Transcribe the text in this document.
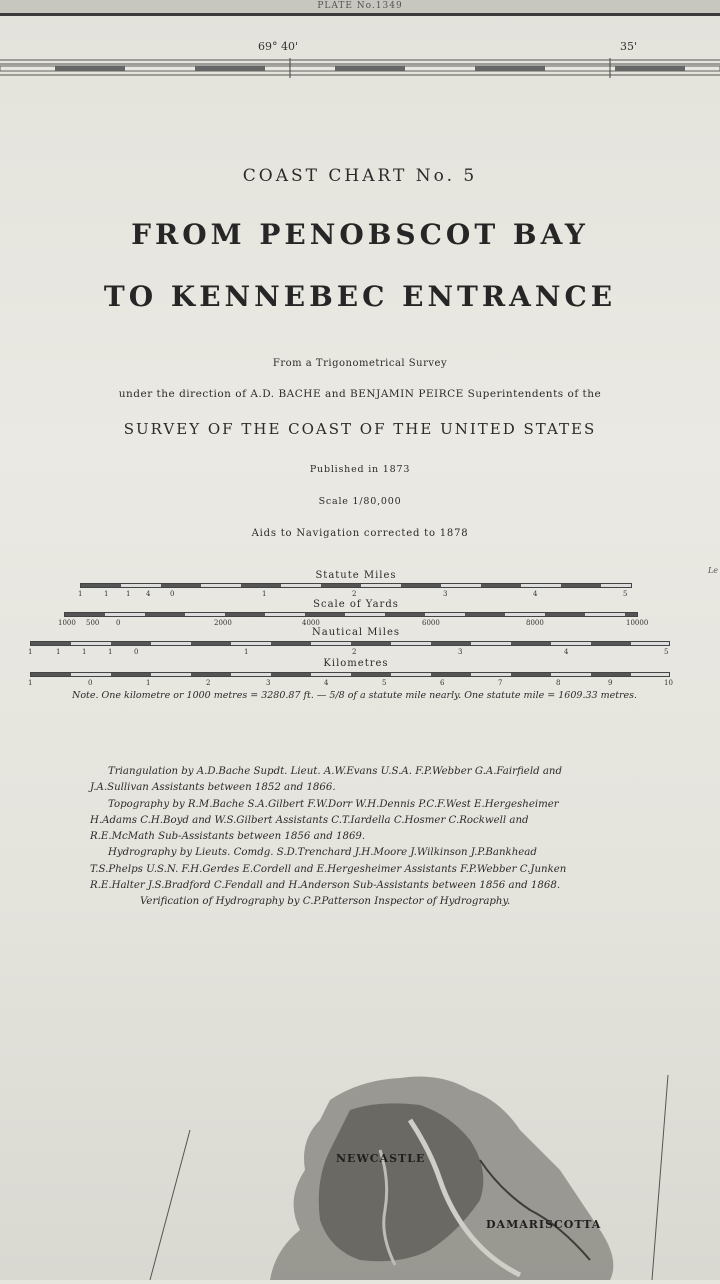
PLATE No.1349
69° 40'	35'
COAST CHART No. 5
FROM PENOBSCOT BAY
TO KENNEBEC ENTRANCE
From a Trigonometrical Survey
under the direction of A.D. BACHE and BENJAMIN PEIRCE Superintendents of the
SURVEY OF THE COAST OF THE UNITED STATES
Published in 1873
Scale 1/80,000
Aids to Navigation corrected to 1878
Le
Statute Miles
1	1	1 4	0	1	2	3	4	5
Scale of Yards
1000 500 0	2000	4000	6000	8000	10000
Nautical Miles
1	1	1	1	0	1	2	3	4	5
Kilometres
1	0	1	2	3	4	5	6	7	8	9	10
Note. One kilometre or 1000 metres = 3280.87 ft. — 5/8 of a statute mile nearly. One statute mile = 1609.33 metres.

Triangulation by A.D.Bache Supdt. Lieut. A.W.Evans U.S.A. F.P.Webber G.A.Fairfield and

J.A.Sullivan Assistants between 1852 and 1866.

Topography by R.M.Bache S.A.Gilbert F.W.Dorr W.H.Dennis P.C.F.West E.Hergesheimer

H.Adams C.H.Boyd and W.S.Gilbert Assistants C.T.Iardella C.Hosmer C.Rockwell and

R.E.McMath Sub-Assistants between 1856 and 1869.

Hydrography by Lieuts. Comdg. S.D.Trenchard J.H.Moore J.Wilkinson J.P.Bankhead

T.S.Phelps U.S.N. F.H.Gerdes E.Cordell and E.Hergesheimer Assistants F.P.Webber C.Junken

R.E.Halter J.S.Bradford C.Fendall and H.Anderson Sub-Assistants between 1856 and 1868.

Verification of Hydrography by C.P.Patterson Inspector of Hydrography.

NEWCASTLE
DAMARISCOTTA
